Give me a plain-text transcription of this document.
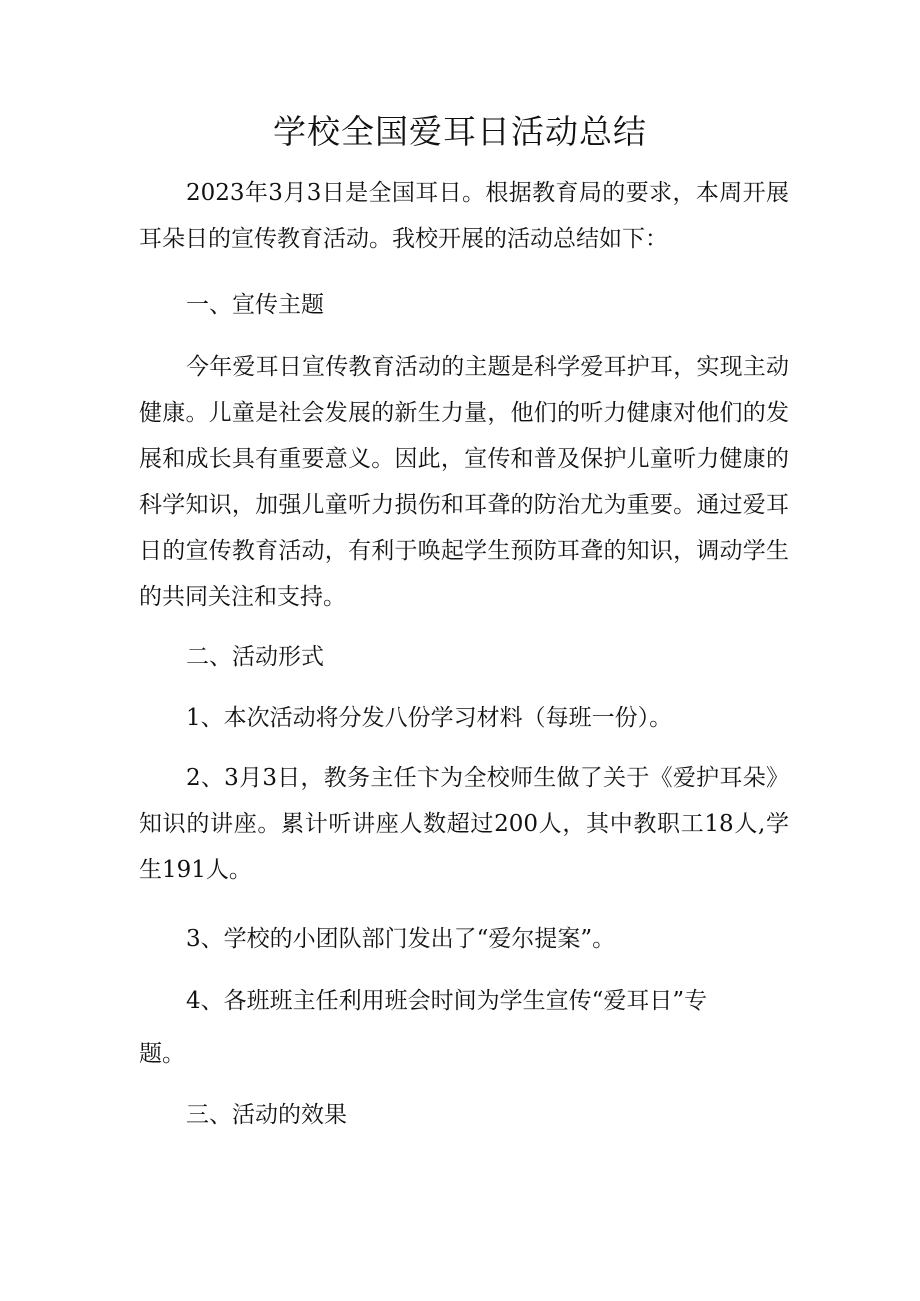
学校全国爱耳日活动总结

2023年3月3日是全国耳日。根据教育局的要求，本周开展耳朵日的宣传教育活动。我校开展的活动总结如下：

一、宣传主题

今年爱耳日宣传教育活动的主题是科学爱耳护耳，实现主动健康。儿童是社会发展的新生力量，他们的听力健康对他们的发展和成长具有重要意义。因此，宣传和普及保护儿童听力健康的科学知识，加强儿童听力损伤和耳聋的防治尤为重要。通过爱耳日的宣传教育活动，有利于唤起学生预防耳聋的知识，调动学生的共同关注和支持。

二、活动形式

1、本次活动将分发八份学习材料（每班一份）。

2、3月3日，教务主任卞为全校师生做了关于《爱护耳朵》知识的讲座。累计听讲座人数超过200人，其中教职工18人,学生191人。

3、学校的小团队部门发出了“爱尔提案”。

4、各班班主任利用班会时间为学生宣传“爱耳日”专

题。

三、活动的效果
